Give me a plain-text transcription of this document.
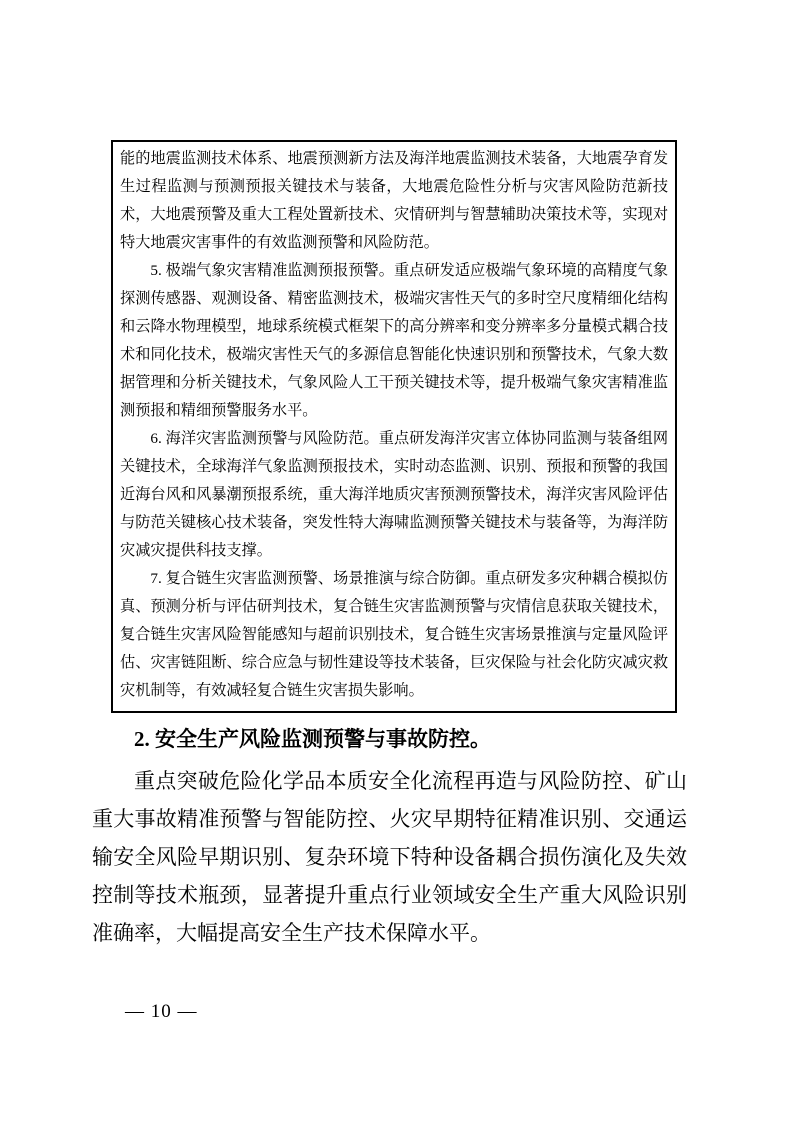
能的地震监测技术体系、地震预测新方法及海洋地震监测技术装备，大地震孕育发生过程监测与预测预报关键技术与装备，大地震危险性分析与灾害风险防范新技术，大地震预警及重大工程处置新技术、灾情研判与智慧辅助决策技术等，实现对特大地震灾害事件的有效监测预警和风险防范。

5. 极端气象灾害精准监测预报预警。重点研发适应极端气象环境的高精度气象探测传感器、观测设备、精密监测技术，极端灾害性天气的多时空尺度精细化结构和云降水物理模型，地球系统模式框架下的高分辨率和变分辨率多分量模式耦合技术和同化技术，极端灾害性天气的多源信息智能化快速识别和预警技术，气象大数据管理和分析关键技术，气象风险人工干预关键技术等，提升极端气象灾害精准监测预报和精细预警服务水平。

6. 海洋灾害监测预警与风险防范。重点研发海洋灾害立体协同监测与装备组网关键技术，全球海洋气象监测预报技术，实时动态监测、识别、预报和预警的我国近海台风和风暴潮预报系统，重大海洋地质灾害预测预警技术，海洋灾害风险评估与防范关键核心技术装备，突发性特大海啸监测预警关键技术与装备等，为海洋防灾减灾提供科技支撑。

7. 复合链生灾害监测预警、场景推演与综合防御。重点研发多灾种耦合模拟仿真、预测分析与评估研判技术，复合链生灾害监测预警与灾情信息获取关键技术，复合链生灾害风险智能感知与超前识别技术，复合链生灾害场景推演与定量风险评估、灾害链阻断、综合应急与韧性建设等技术装备，巨灾保险与社会化防灾减灾救灾机制等，有效减轻复合链生灾害损失影响。

2. 安全生产风险监测预警与事故防控。
重点突破危险化学品本质安全化流程再造与风险防控、矿山重大事故精准预警与智能防控、火灾早期特征精准识别、交通运输安全风险早期识别、复杂环境下特种设备耦合损伤演化及失效控制等技术瓶颈，显著提升重点行业领域安全生产重大风险识别准确率，大幅提高安全生产技术保障水平。
— 10 —
